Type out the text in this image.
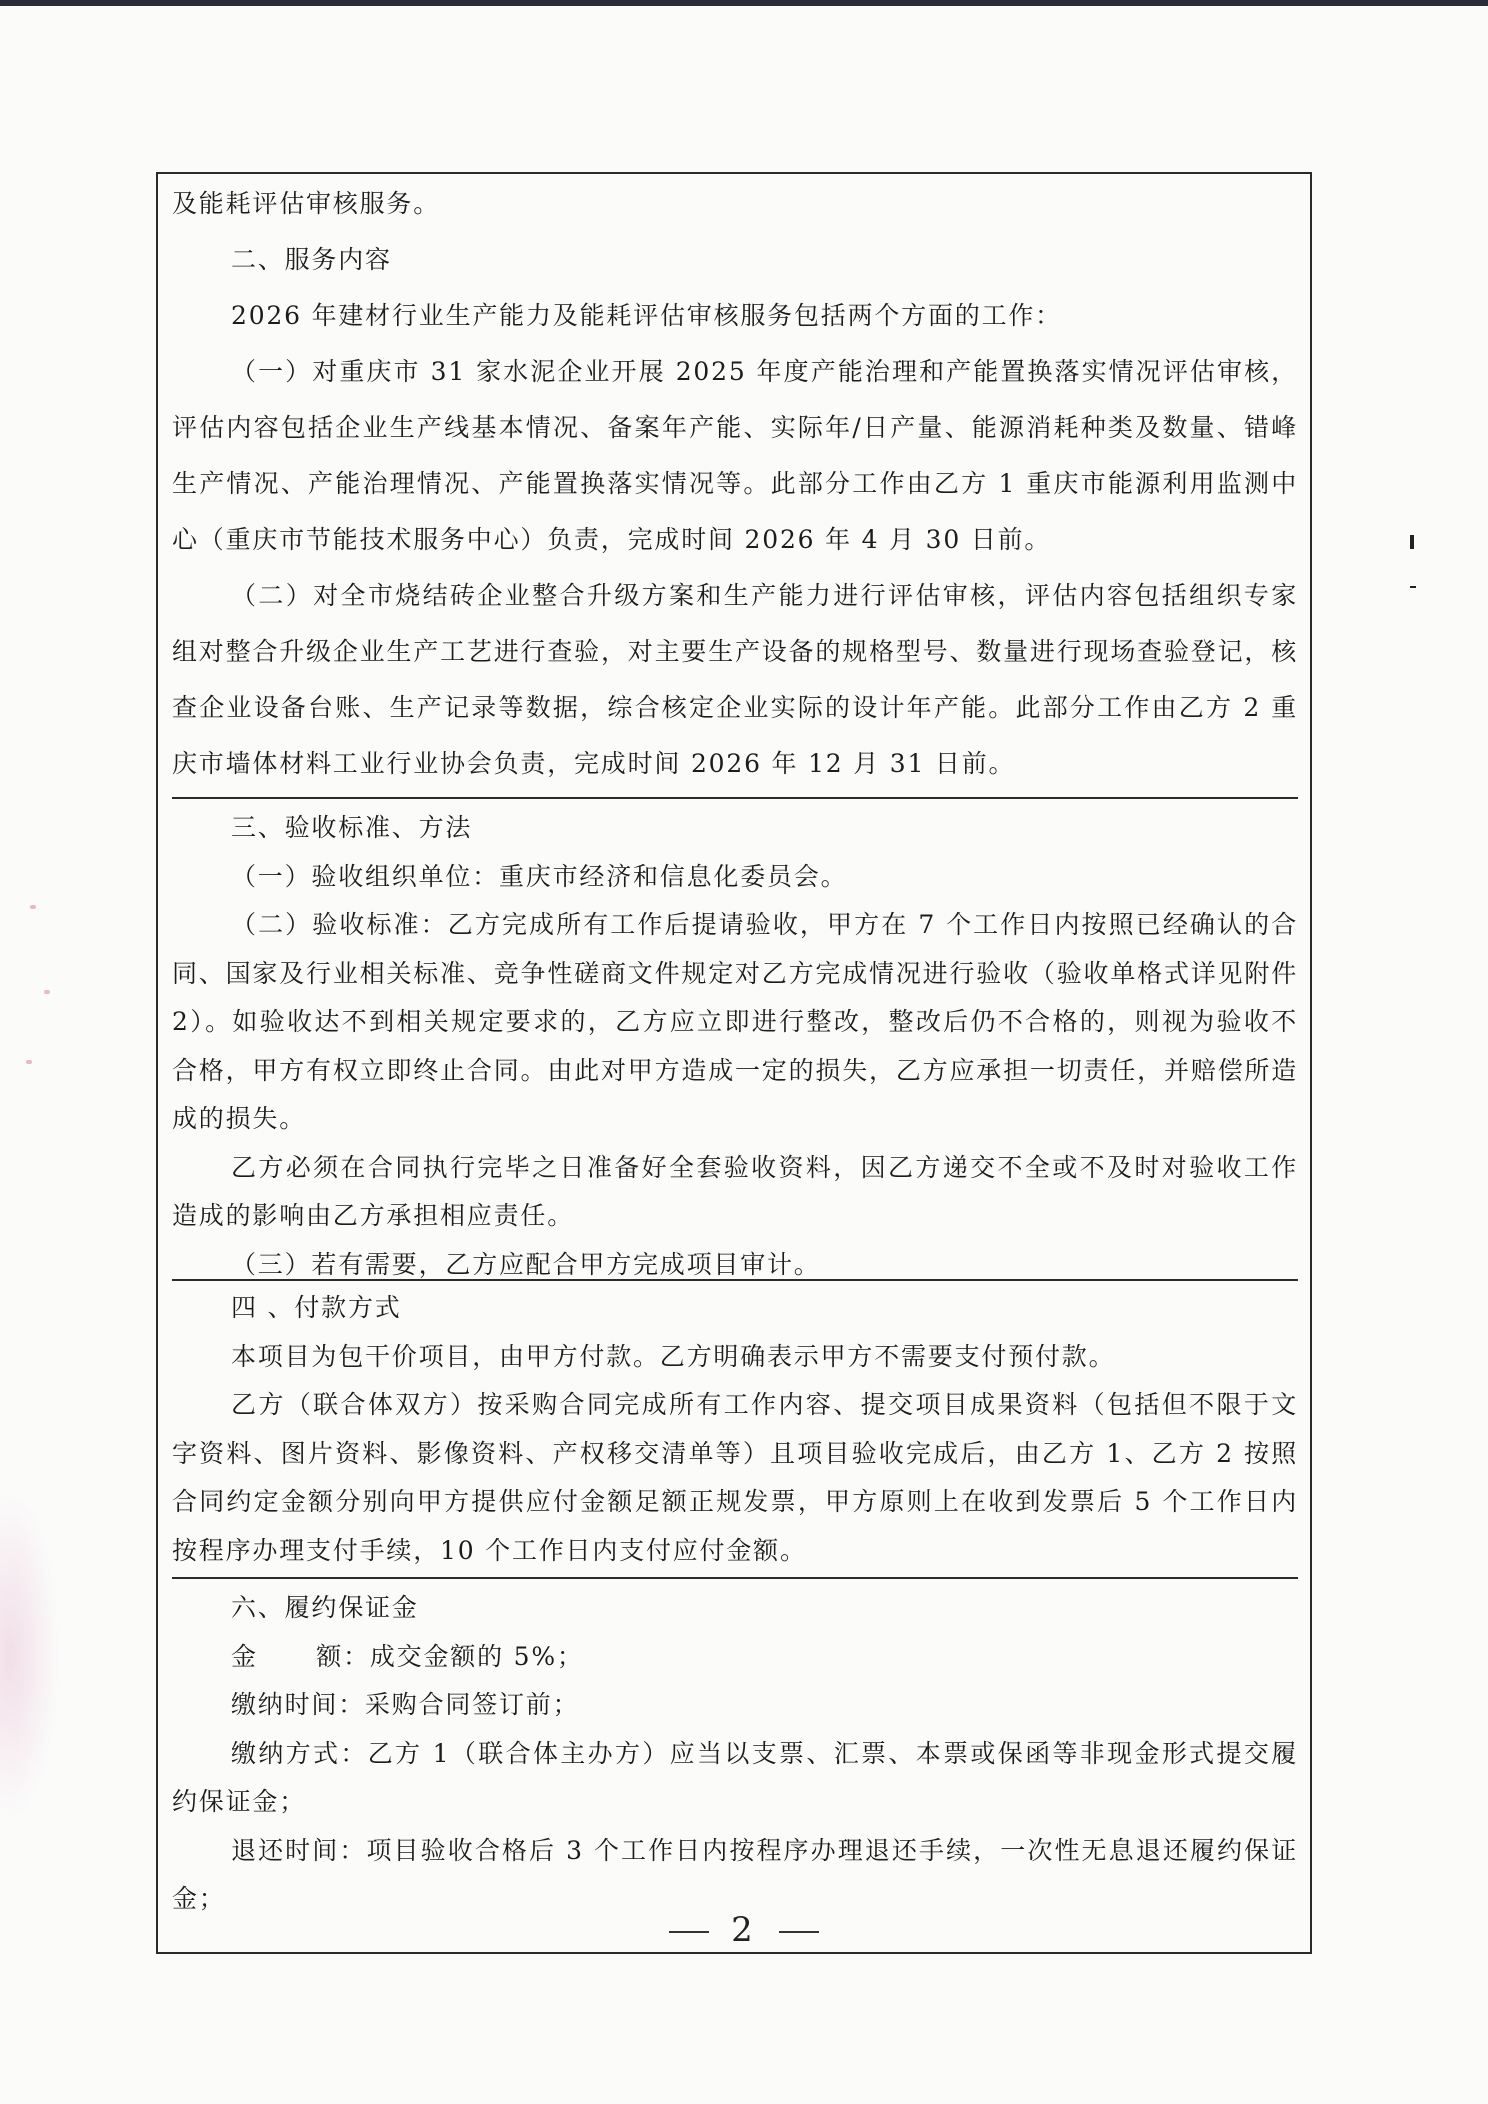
及能耗评估审核服务。

二、服务内容

2026 年建材行业生产能力及能耗评估审核服务包括两个方面的工作：

（一）对重庆市 31 家水泥企业开展 2025 年度产能治理和产能置换落实情况评估审核，评估内容包括企业生产线基本情况、备案年产能、实际年/日产量、能源消耗种类及数量、错峰生产情况、产能治理情况、产能置换落实情况等。此部分工作由乙方 1 重庆市能源利用监测中心（重庆市节能技术服务中心）负责，完成时间 2026 年 4 月 30 日前。

（二）对全市烧结砖企业整合升级方案和生产能力进行评估审核，评估内容包括组织专家组对整合升级企业生产工艺进行查验，对主要生产设备的规格型号、数量进行现场查验登记，核查企业设备台账、生产记录等数据，综合核定企业实际的设计年产能。此部分工作由乙方 2 重庆市墙体材料工业行业协会负责，完成时间 2026 年 12 月 31 日前。

三、验收标准、方法

（一）验收组织单位：重庆市经济和信息化委员会。

（二）验收标准：乙方完成所有工作后提请验收，甲方在 7 个工作日内按照已经确认的合同、国家及行业相关标准、竞争性磋商文件规定对乙方完成情况进行验收（验收单格式详见附件 2）。如验收达不到相关规定要求的，乙方应立即进行整改，整改后仍不合格的，则视为验收不合格，甲方有权立即终止合同。由此对甲方造成一定的损失，乙方应承担一切责任，并赔偿所造成的损失。

乙方必须在合同执行完毕之日准备好全套验收资料，因乙方递交不全或不及时对验收工作造成的影响由乙方承担相应责任。

（三）若有需要，乙方应配合甲方完成项目审计。

四 、付款方式

本项目为包干价项目，由甲方付款。乙方明确表示甲方不需要支付预付款。

乙方（联合体双方）按采购合同完成所有工作内容、提交项目成果资料（包括但不限于文字资料、图片资料、影像资料、产权移交清单等）且项目验收完成后，由乙方 1、乙方 2 按照合同约定金额分别向甲方提供应付金额足额正规发票，甲方原则上在收到发票后 5 个工作日内按程序办理支付手续，10 个工作日内支付应付金额。

六、履约保证金

金      额：成交金额的 5%；

缴纳时间：采购合同签订前；

缴纳方式：乙方 1（联合体主办方）应当以支票、汇票、本票或保函等非现金形式提交履约保证金；

退还时间：项目验收合格后 3 个工作日内按程序办理退还手续，一次性无息退还履约保证金；

2
